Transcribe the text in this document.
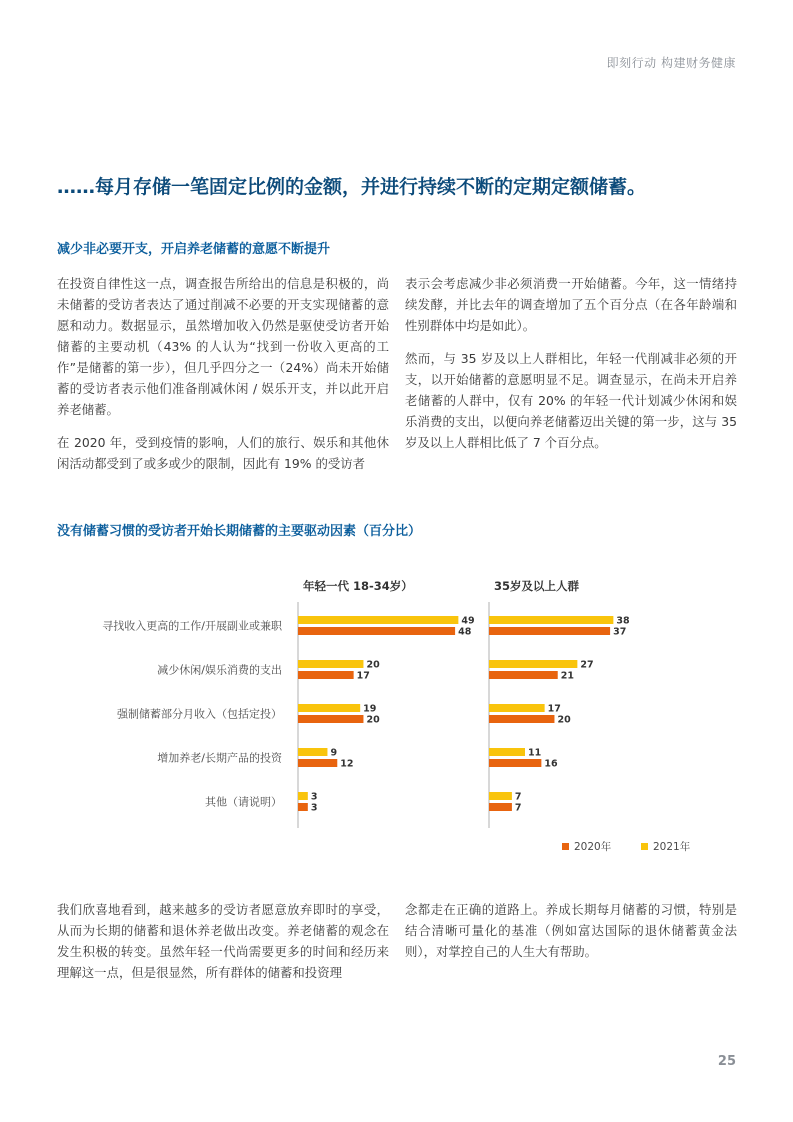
即刻行动 构建财务健康
……每月存储一笔固定比例的金额，并进行持续不断的定期定额储蓄。
减少非必要开支，开启养老储蓄的意愿不断提升

在投资自律性这一点，调查报告所给出的信息是积极的，尚未储蓄的受访者表达了通过削减不必要的开支实现储蓄的意愿和动力。数据显示，虽然增加收入仍然是驱使受访者开始储蓄的主要动机（43% 的人认为“找到一份收入更高的工作”是储蓄的第一步），但几乎四分之一（24%）尚未开始储蓄的受访者表示他们准备削减休闲 / 娱乐开支，并以此开启养老储蓄。

在 2020 年，受到疫情的影响，人们的旅行、娱乐和其他休闲活动都受到了或多或少的限制，因此有 19% 的受访者

表示会考虑减少非必须消费一开始储蓄。今年，这一情绪持续发酵，并比去年的调查增加了五个百分点（在各年龄端和性别群体中均是如此）。

然而，与 35 岁及以上人群相比，年轻一代削减非必须的开支，以开始储蓄的意愿明显不足。调查显示，在尚未开启养老储蓄的人群中，仅有 20% 的年轻一代计划减少休闲和娱乐消费的支出，以便向养老储蓄迈出关键的第一步，这与 35 岁及以上人群相比低了 7 个百分点。

没有储蓄习惯的受访者开始长期储蓄的主要驱动因素（百分比）
寻找收入更高的工作/开展副业或兼职
减少休闲/娱乐消费的支出
强制储蓄部分月收入（包括定投）
增加养老/长期产品的投资
其他（请说明）
年轻一代 18-34岁）
49
20
19
9
3
48
17
20
12
3
35岁及以上人群
38
27
17
11
7
37
21
20
16
7
2020年	2021年

我们欣喜地看到，越来越多的受访者愿意放弃即时的享受，从而为长期的储蓄和退休养老做出改变。养老储蓄的观念在发生积极的转变。虽然年轻一代尚需要更多的时间和经历来理解这一点，但是很显然，所有群体的储蓄和投资理

念都走在正确的道路上。养成长期每月储蓄的习惯，特别是结合清晰可量化的基准（例如富达国际的退休储蓄黄金法则），对掌控自己的人生大有帮助。

25
